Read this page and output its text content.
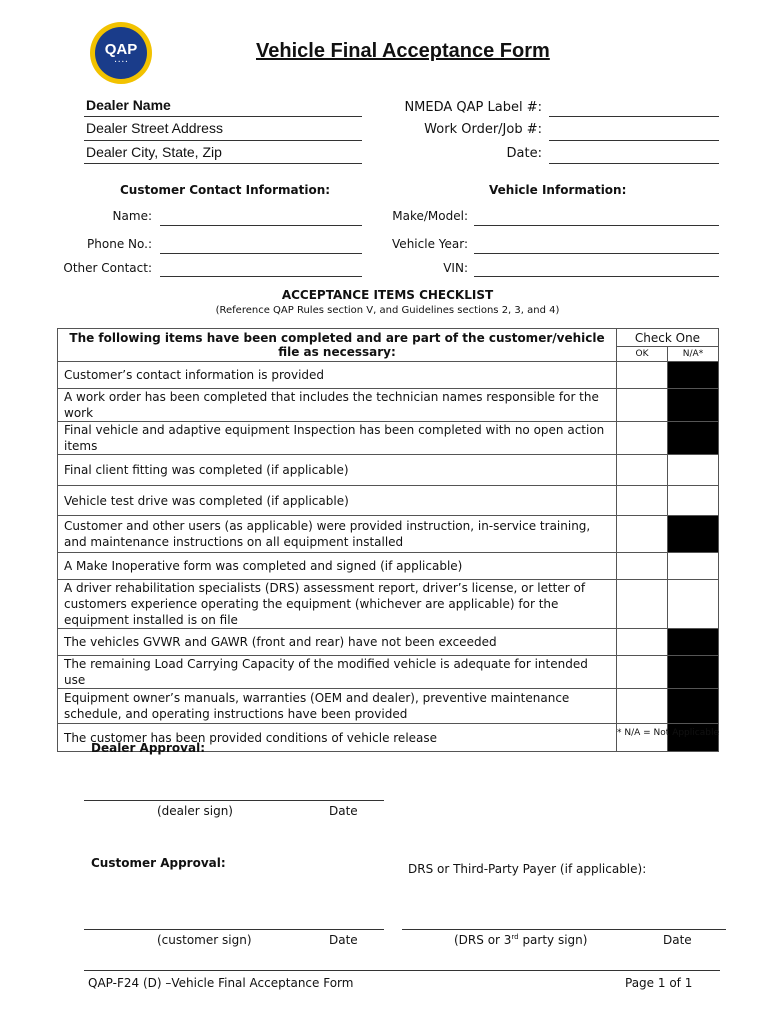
QAP
• • • •	Vehicle Final Acceptance Form
Dealer Name
Dealer Street Address
Dealer City, State, Zip
NMEDA QAP Label #:
Work Order/Job #:
Date:
Customer Contact Information:
Name:
Phone No.:
Other Contact:
Vehicle Information:
Make/Model:
Vehicle Year:
VIN:
ACCEPTANCE ITEMS CHECKLIST
(Reference QAP Rules section V, and Guidelines sections 2, 3, and 4)
The following items have been completed and are part of the customer/vehicle file as necessary:	Check One	
	OK	N/A*
Customer’s contact information is provided		
A work order has been completed that includes the technician names responsible for the work		
Final vehicle and adaptive equipment Inspection has been completed with no open action items		
Final client fitting was completed (if applicable)		
Vehicle test drive was completed (if applicable)		
Customer and other users (as applicable) were provided instruction, in-service training, and maintenance instructions on all equipment installed		
A Make Inoperative form was completed and signed (if applicable)		
A driver rehabilitation specialists (DRS) assessment report, driver’s license, or letter of customers experience operating the equipment (whichever are applicable) for the equipment installed is on file		
The vehicles GVWR and GAWR (front and rear) have not been exceeded		
The remaining Load Carrying Capacity of the modified vehicle is adequate for intended use		
Equipment owner’s manuals, warranties (OEM and dealer), preventive maintenance schedule, and operating instructions have been provided		
The customer has been provided conditions of vehicle release			* N/A = Not Applicable
Dealer Approval:
(dealer sign)	Date
Customer Approval:	DRS or Third-Party Payer (if applicable):
(customer sign)	Date	(DRS or 3rd party sign)	Date
QAP-F24 (D) –Vehicle Final Acceptance Form	Page 1 of 1
